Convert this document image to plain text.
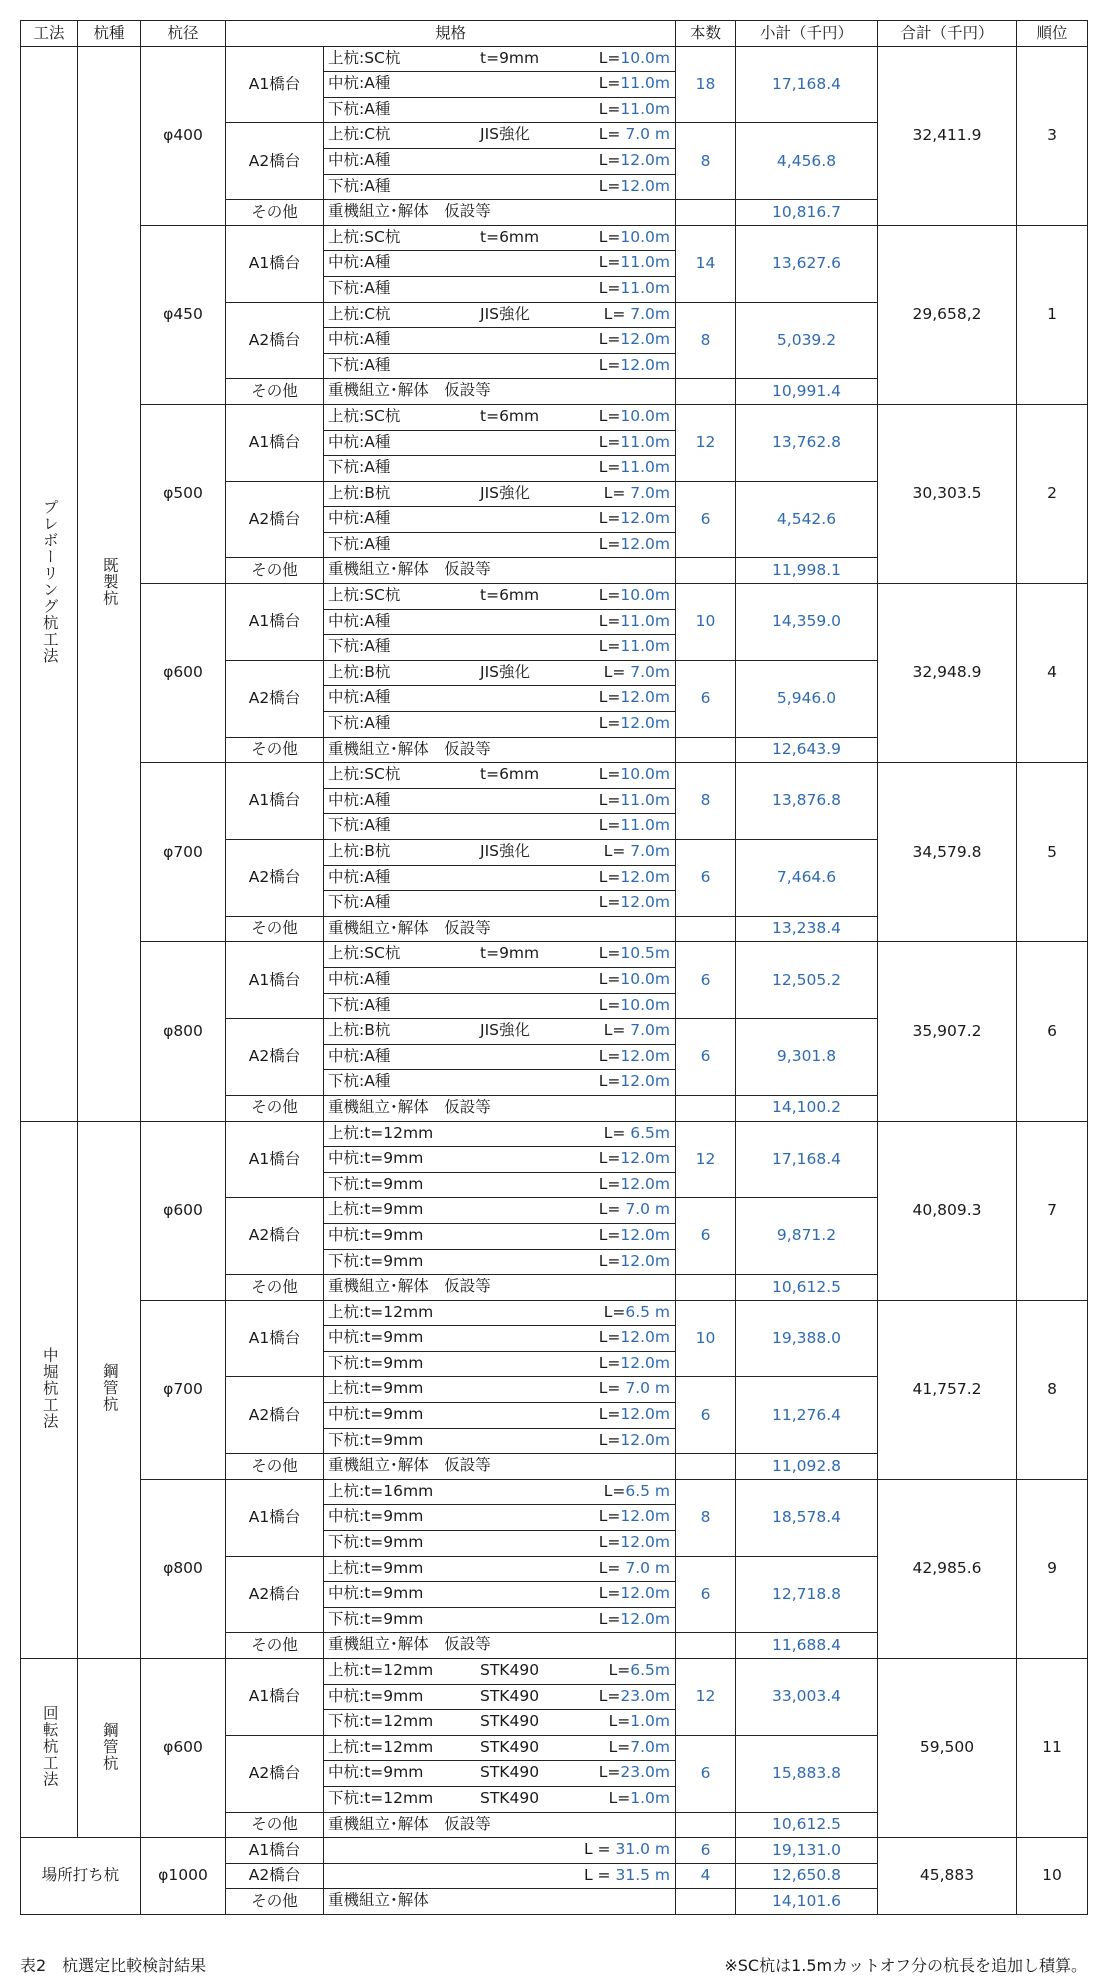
工法	杭種	杭径	規格		本数	小計（千円）	合計（千円）	順位
プレボーリング杭工法	既製杭	φ400	A1橋台	上杭:SC杭 t=9mm L=10.0m	18	17,168.4	32,411.9	3

				中杭:A種 L=11.0m				

				下杭:A種 L=11.0m				

			A2橋台	上杭:C杭 JIS強化 L= 7.0 m	8	4,456.8		

				中杭:A種 L=12.0m				

				下杭:A種 L=12.0m				

			その他	重機組立･解体　仮設等		10,816.7		
		φ450	A1橋台	上杭:SC杭 t=6mm L=10.0m	14	13,627.6	29,658,2	1

				中杭:A種 L=11.0m				

				下杭:A種 L=11.0m				

			A2橋台	上杭:C杭 JIS強化 L= 7.0m	8	5,039.2		

				中杭:A種 L=12.0m				

				下杭:A種 L=12.0m				

			その他	重機組立･解体　仮設等		10,991.4		
		φ500	A1橋台	上杭:SC杭 t=6mm L=10.0m	12	13,762.8	30,303.5	2

				中杭:A種 L=11.0m				

				下杭:A種 L=11.0m				

			A2橋台	上杭:B杭 JIS強化 L= 7.0m	6	4,542.6		

				中杭:A種 L=12.0m				

				下杭:A種 L=12.0m				

			その他	重機組立･解体　仮設等		11,998.1		
		φ600	A1橋台	上杭:SC杭 t=6mm L=10.0m	10	14,359.0	32,948.9	4

				中杭:A種 L=11.0m				

				下杭:A種 L=11.0m				

			A2橋台	上杭:B杭 JIS強化 L= 7.0m	6	5,946.0		

				中杭:A種 L=12.0m				

				下杭:A種 L=12.0m				

			その他	重機組立･解体　仮設等		12,643.9		
		φ700	A1橋台	上杭:SC杭 t=6mm L=10.0m	8	13,876.8	34,579.8	5

				中杭:A種 L=11.0m				

				下杭:A種 L=11.0m				

			A2橋台	上杭:B杭 JIS強化 L= 7.0m	6	7,464.6		

				中杭:A種 L=12.0m				

				下杭:A種 L=12.0m				

			その他	重機組立･解体　仮設等		13,238.4		
		φ800	A1橋台	上杭:SC杭 t=9mm L=10.5m	6	12,505.2	35,907.2	6

				中杭:A種 L=10.0m				

				下杭:A種 L=10.0m				

			A2橋台	上杭:B杭 JIS強化 L= 7.0m	6	9,301.8		

				中杭:A種 L=12.0m				

				下杭:A種 L=12.0m				

			その他	重機組立･解体　仮設等		14,100.2		
中堀杭工法	鋼管杭	φ600	A1橋台	上杭:t=12mm L= 6.5m	12	17,168.4	40,809.3	7

				中杭:t=9mm L=12.0m				

				下杭:t=9mm L=12.0m				

			A2橋台	上杭:t=9mm L= 7.0 m	6	9,871.2		

				中杭:t=9mm L=12.0m				

				下杭:t=9mm L=12.0m				

			その他	重機組立･解体　仮設等		10,612.5		
		φ700	A1橋台	上杭:t=12mm L=6.5 m	10	19,388.0	41,757.2	8

				中杭:t=9mm L=12.0m				

				下杭:t=9mm L=12.0m				

			A2橋台	上杭:t=9mm L= 7.0 m	6	11,276.4		

				中杭:t=9mm L=12.0m				

				下杭:t=9mm L=12.0m				

			その他	重機組立･解体　仮設等		11,092.8		
		φ800	A1橋台	上杭:t=16mm L=6.5 m	8	18,578.4	42,985.6	9

				中杭:t=9mm L=12.0m				

				下杭:t=9mm L=12.0m				

			A2橋台	上杭:t=9mm L= 7.0 m	6	12,718.8		

				中杭:t=9mm L=12.0m				

				下杭:t=9mm L=12.0m				

			その他	重機組立･解体　仮設等		11,688.4		
回転杭工法	鋼管杭	φ600	A1橋台	上杭:t=12mm STK490 L=6.5m	12	33,003.4	59,500	11

				中杭:t=9mm STK490 L=23.0m				

				下杭:t=12mm STK490 L=1.0m				

			A2橋台	上杭:t=12mm STK490 L=7.0m	6	15,883.8		

				中杭:t=9mm STK490 L=23.0m				

				下杭:t=12mm STK490 L=1.0m				

			その他	重機組立･解体　仮設等		10,612.5		
場所打ち杭		φ1000	A1橋台	L = 31.0 m	6	19,131.0	45,883	10
			A2橋台	L = 31.5 m	4	12,650.8		
			その他	重機組立･解体		14,101.6		
表2　杭選定比較検討結果	※SC杭は1.5mカットオフ分の杭長を追加し積算。
